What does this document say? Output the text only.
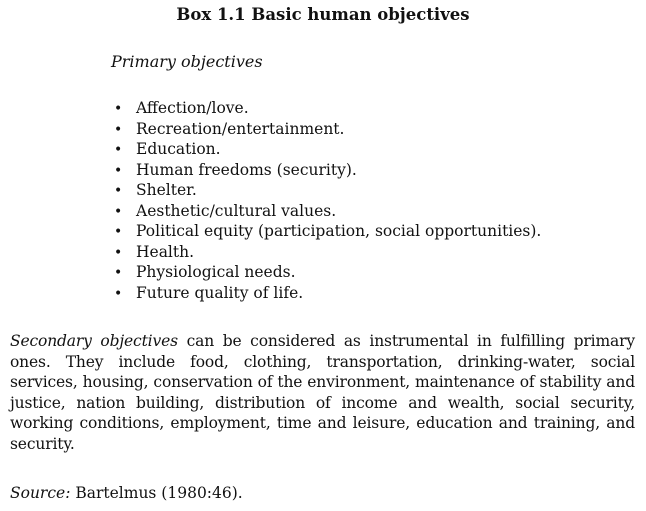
Box 1.1 Basic human objectives
Primary objectives
• Affection/love.
• Recreation/entertainment.
• Education.
• Human freedoms (security).
• Shelter.
• Aesthetic/cultural values.
• Political equity (participation, social opportunities).
• Health.
• Physiological needs.
• Future quality of life.

Secondary objectives can be considered as instrumental in fulfilling primary ones. They include food, clothing, transportation, drinking-water, social services, housing, conservation of the environment, maintenance of stability and justice, nation building, distribution of income and wealth, social security, working conditions, employment, time and leisure, education and training, and security.

Source: Bartelmus (1980:46).
